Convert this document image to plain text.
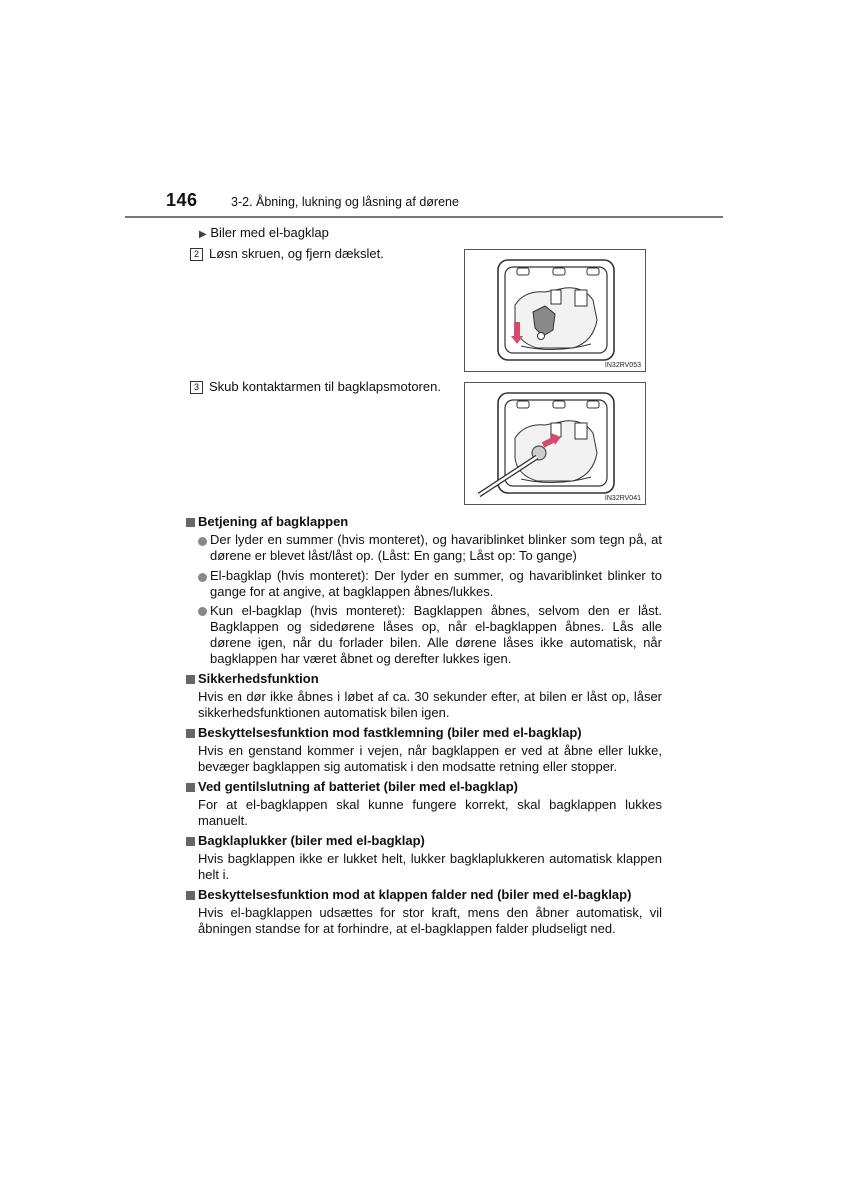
146	3-2. Åbning, lukning og låsning af dørene
▶ Biler med el-bagklap
2 Løsn skruen, og fjern dækslet.
IN32RV053
3 Skub kontaktarmen til bagklapsmotoren.
IN32RV041
Betjening af bagklappen
Der lyder en summer (hvis monteret), og havariblinket blinker som tegn på, at dørene er blevet låst/låst op. (Låst: En gang; Låst op: To gange)
El-bagklap (hvis monteret): Der lyder en summer, og havariblinket blinker to gange for at angive, at bagklappen åbnes/lukkes.
Kun el-bagklap (hvis monteret): Bagklappen åbnes, selvom den er låst. Bagklappen og sidedørene låses op, når el-bagklappen åbnes. Lås alle dørene igen, når du forlader bilen. Alle dørene låses ikke automatisk, når bagklappen har været åbnet og derefter lukkes igen.
Sikkerhedsfunktion
Hvis en dør ikke åbnes i løbet af ca. 30 sekunder efter, at bilen er låst op, låser sikkerhedsfunktionen automatisk bilen igen.
Beskyttelsesfunktion mod fastklemning (biler med el-bagklap)
Hvis en genstand kommer i vejen, når bagklappen er ved at åbne eller lukke, bevæger bagklappen sig automatisk i den modsatte retning eller stopper.
Ved gentilslutning af batteriet (biler med el-bagklap)
For at el-bagklappen skal kunne fungere korrekt, skal bagklappen lukkes manuelt.
Bagklaplukker (biler med el-bagklap)
Hvis bagklappen ikke er lukket helt, lukker bagklaplukkeren automatisk klappen helt i.
Beskyttelsesfunktion mod at klappen falder ned (biler med el-bagklap)
Hvis el-bagklappen udsættes for stor kraft, mens den åbner automatisk, vil åbningen standse for at forhindre, at el-bagklappen falder pludseligt ned.
